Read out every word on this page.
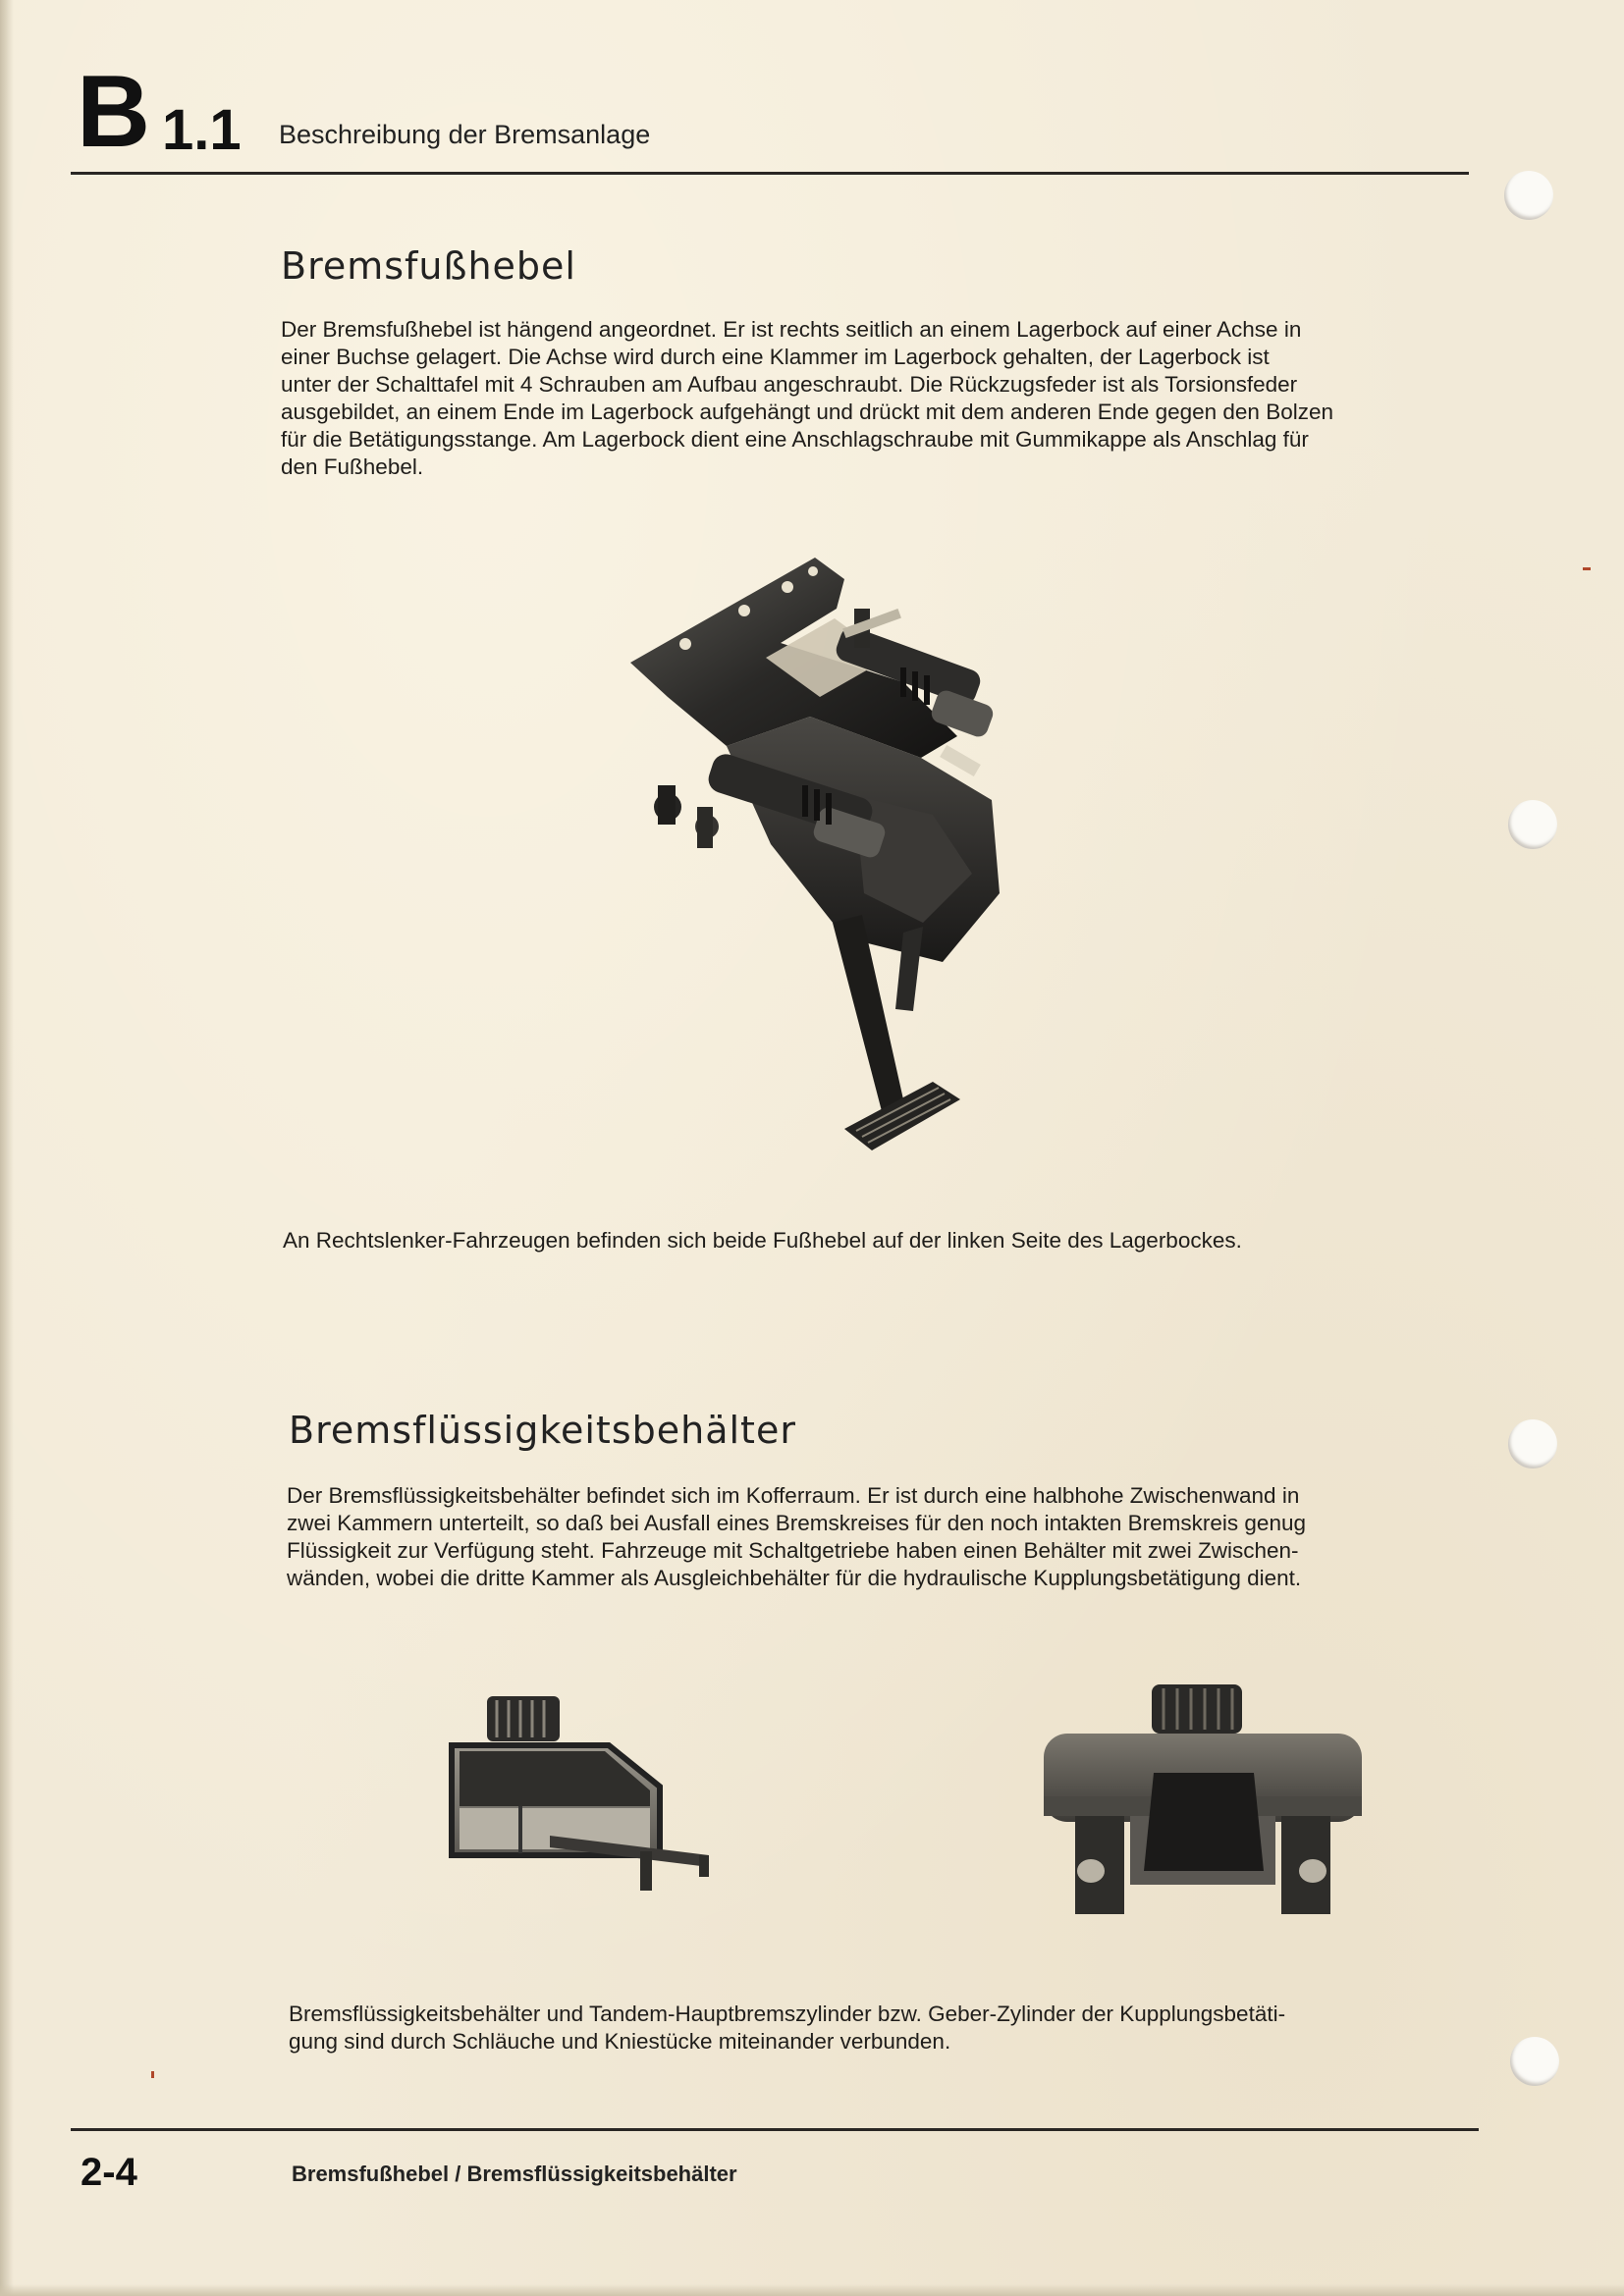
B 1.1 Beschreibung der Bremsanlage
Bremsfußhebel
Der Bremsfußhebel ist hängend angeordnet. Er ist rechts seitlich an einem Lagerbock auf einer Achse in
einer Buchse gelagert. Die Achse wird durch eine Klammer im Lagerbock gehalten, der Lagerbock ist
unter der Schalttafel mit 4 Schrauben am Aufbau angeschraubt. Die Rückzugsfeder ist als Torsionsfeder
ausgebildet, an einem Ende im Lagerbock aufgehängt und drückt mit dem anderen Ende gegen den Bolzen
für die Betätigungsstange. Am Lagerbock dient eine Anschlagschraube mit Gummikappe als Anschlag für
den Fußhebel.
An Rechtslenker-Fahrzeugen befinden sich beide Fußhebel auf der linken Seite des Lagerbockes.
Bremsflüssigkeitsbehälter
Der Bremsflüssigkeitsbehälter befindet sich im Kofferraum. Er ist durch eine halbhohe Zwischenwand in
zwei Kammern unterteilt, so daß bei Ausfall eines Bremskreises für den noch intakten Bremskreis genug
Flüssigkeit zur Verfügung steht. Fahrzeuge mit Schaltgetriebe haben einen Behälter mit zwei Zwischen-
wänden, wobei die dritte Kammer als Ausgleichbehälter für die hydraulische Kupplungsbetätigung dient.
Bremsflüssigkeitsbehälter und Tandem-Hauptbremszylinder bzw. Geber-Zylinder der Kupplungsbetäti-
gung sind durch Schläuche und Kniestücke miteinander verbunden.
2-4	Bremsfußhebel / Bremsflüssigkeitsbehälter
